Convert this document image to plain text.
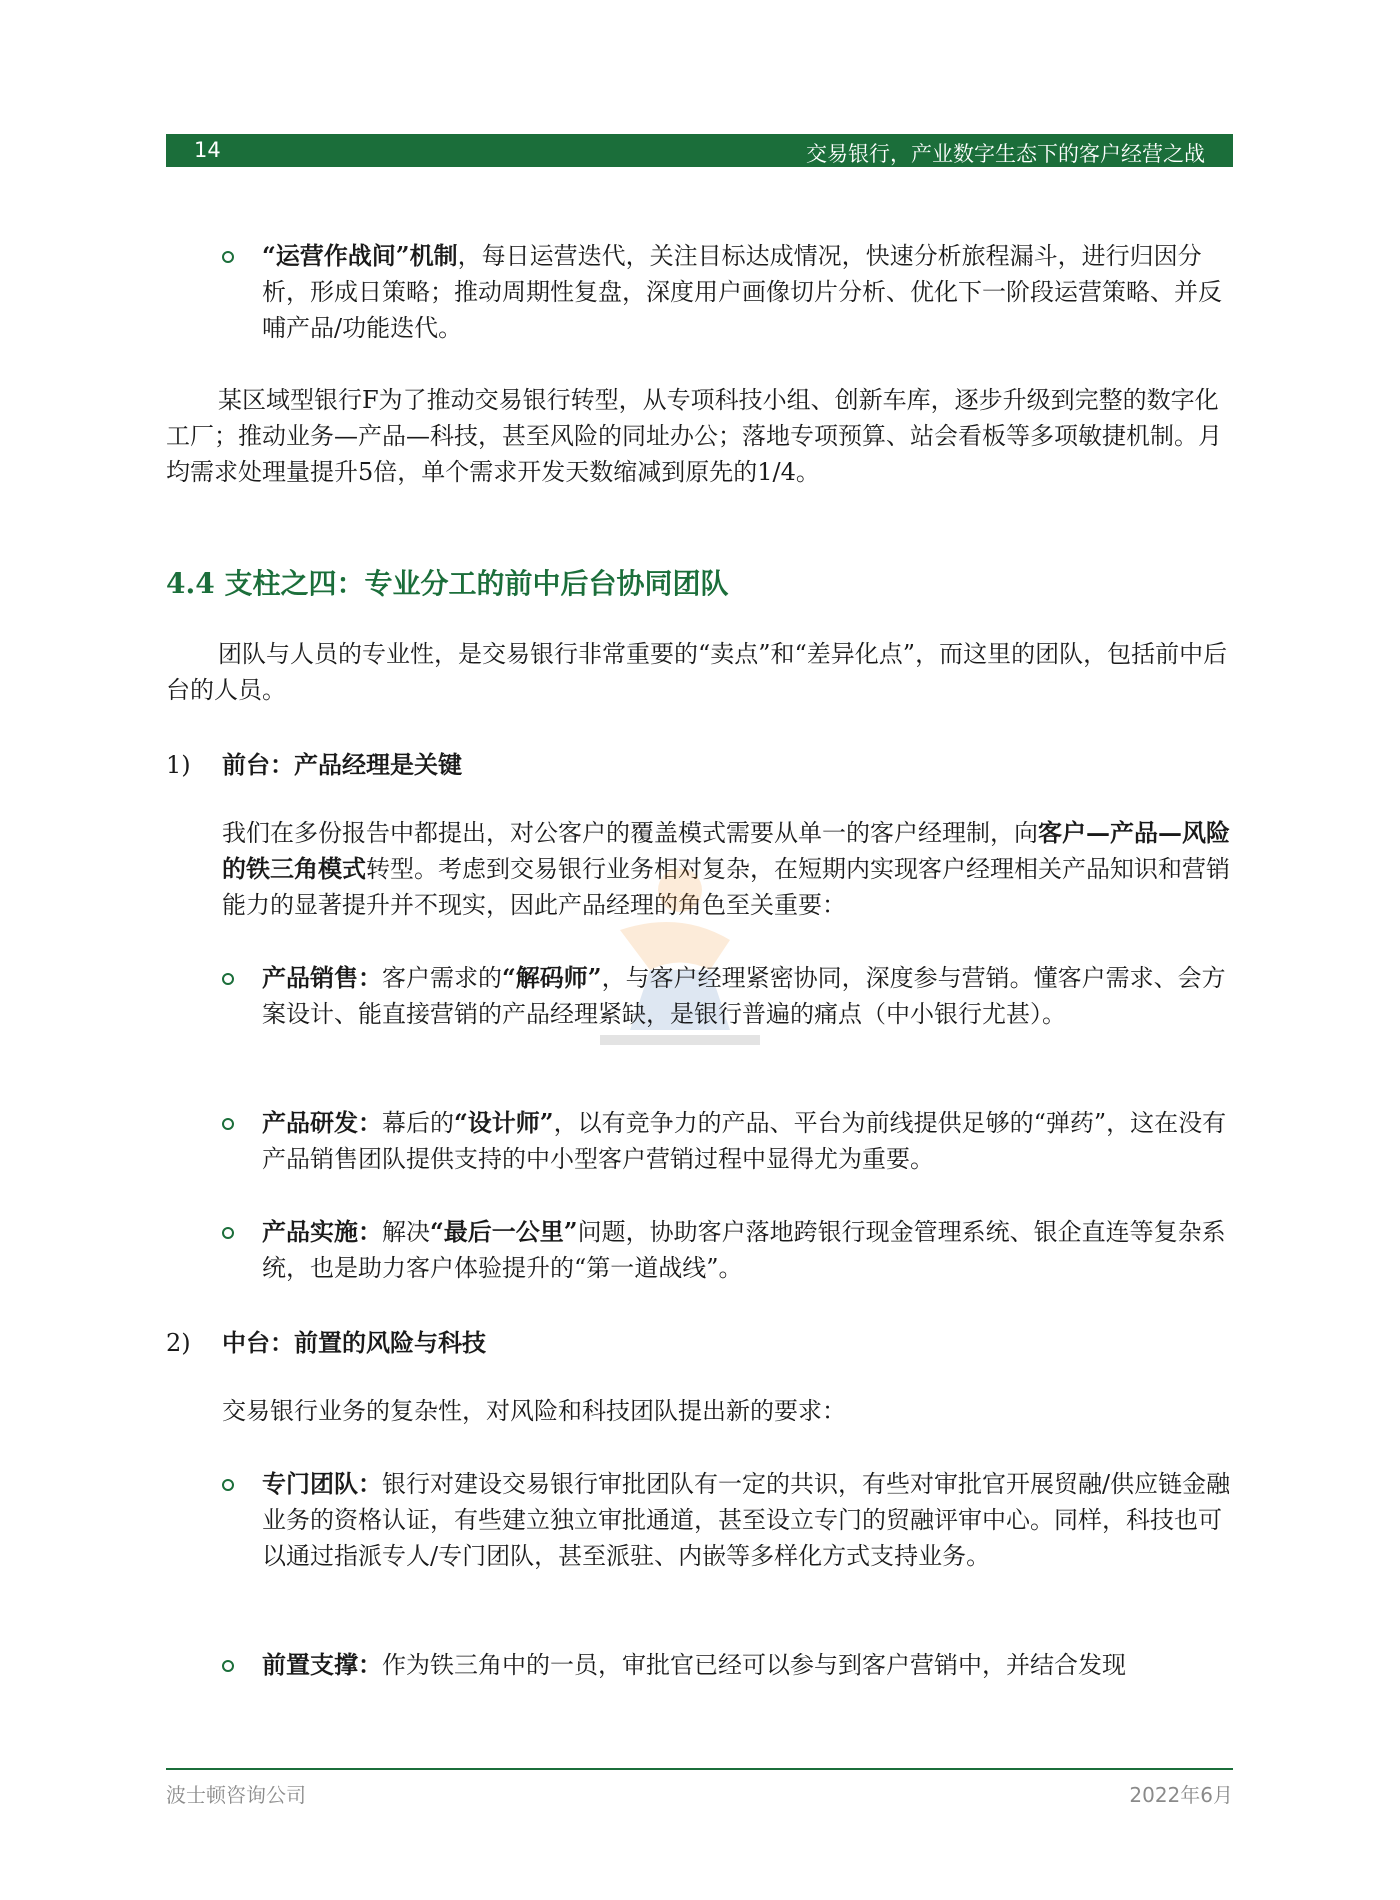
14	交易银行，产业数字生态下的客户经营之战
“运营作战间”机制，每日运营迭代，关注目标达成情况，快速分析旅程漏斗，进行归因分析，形成日策略；推动周期性复盘，深度用户画像切片分析、优化下一阶段运营策略、并反哺产品/功能迭代。
某区域型银行F为了推动交易银行转型，从专项科技小组、创新车库，逐步升级到完整的数字化工厂；推动业务—产品—科技，甚至风险的同址办公；落地专项预算、站会看板等多项敏捷机制。月均需求处理量提升5倍，单个需求开发天数缩减到原先的1/4。
4.4 支柱之四：专业分工的前中后台协同团队
团队与人员的专业性，是交易银行非常重要的“卖点”和“差异化点”，而这里的团队，包括前中后台的人员。
1) 前台：产品经理是关键
我们在多份报告中都提出，对公客户的覆盖模式需要从单一的客户经理制，向客户—产品—风险的铁三角模式转型。考虑到交易银行业务相对复杂，在短期内实现客户经理相关产品知识和营销能力的显著提升并不现实，因此产品经理的角色至关重要：
产品销售：客户需求的“解码师”，与客户经理紧密协同，深度参与营销。懂客户需求、会方案设计、能直接营销的产品经理紧缺，是银行普遍的痛点（中小银行尤甚）。
产品研发：幕后的“设计师”，以有竞争力的产品、平台为前线提供足够的“弹药”，这在没有产品销售团队提供支持的中小型客户营销过程中显得尤为重要。
产品实施：解决“最后一公里”问题，协助客户落地跨银行现金管理系统、银企直连等复杂系统，也是助力客户体验提升的“第一道战线”。
2) 中台：前置的风险与科技
交易银行业务的复杂性，对风险和科技团队提出新的要求：
专门团队：银行对建设交易银行审批团队有一定的共识，有些对审批官开展贸融/供应链金融业务的资格认证，有些建立独立审批通道，甚至设立专门的贸融评审中心。同样，科技也可以通过指派专人/专门团队，甚至派驻、内嵌等多样化方式支持业务。
前置支撑：作为铁三角中的一员，审批官已经可以参与到客户营销中，并结合发现
波士顿咨询公司	2022年6月
